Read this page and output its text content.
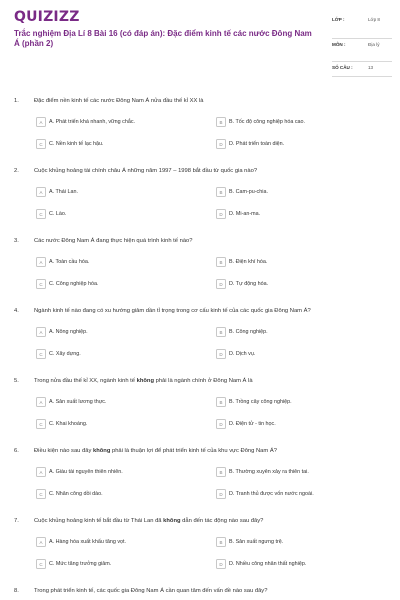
QUIZIZZ
Trắc nghiệm Địa Lí 8 Bài 16 (có đáp án): Đặc điểm kinh tế các nước Đông Nam Á (phần 2)
LỚP :	Lớp 8
MÔN :	Địa lý
SỐ CÂU :	13
1.	Đặc điểm nền kinh tế các nước Đông Nam Á nửa đầu thế kỉ XX là
A	A. Phát triển khá nhanh, vững chắc.	B	B. Tốc độ công nghiệp hóa cao.
C	C. Nền kinh tế lạc hậu.	D	D. Phát triển toàn diện.
2.	Cuộc khủng hoảng tài chính châu Á những năm 1997 – 1998 bắt đầu từ quốc gia nào?
A	A. Thái Lan.	B	B. Cam-pu-chia.
C	C. Lào.	D	D. Mi-an-ma.
3.	Các nước Đông Nam Á đang thực hiện quá trình kinh tế nào?
A	A. Toàn cầu hóa.	B	B. Điện khí hóa.
C	C. Công nghiệp hóa.	D	D. Tự động hóa.
4.	Ngành kinh tế nào đang có xu hướng giảm dần tỉ trọng trong cơ cấu kinh tế của các quốc gia Đông Nam Á?
A	A. Nông nghiệp.	B	B. Công nghiệp.
C	C. Xây dựng.	D	D. Dịch vụ.
5.	Trong nửa đầu thế kỉ XX, ngành kinh tế không phải là ngành chính ở Đông Nam Á là
A	A. Sản xuất lương thực.	B	B. Trồng cây công nghiệp.
C	C. Khai khoáng.	D	D. Điện tử - tin học.
6.	Điều kiện nào sau đây không phải là thuận lợi để phát triển kinh tế của khu vực Đông Nam Á?
A	A. Giàu tài nguyên thiên nhiên.	B	B. Thường xuyên xảy ra thiên tai.
C	C. Nhân công dồi dào.	D	D. Tranh thủ được vốn nước ngoài.
7.	Cuộc khủng hoảng kinh tế bắt đầu từ Thái Lan đã không dẫn đến tác động nào sau đây?
A	A. Hàng hóa xuất khẩu tăng vọt.	B	B. Sản xuất ngưng trệ.
C	C. Mức tăng trưởng giảm.	D	D. Nhiều công nhân thất nghiệp.
8.	Trong phát triển kinh tế, các quốc gia Đông Nam Á cần quan tâm đến vấn đề nào sau đây?
